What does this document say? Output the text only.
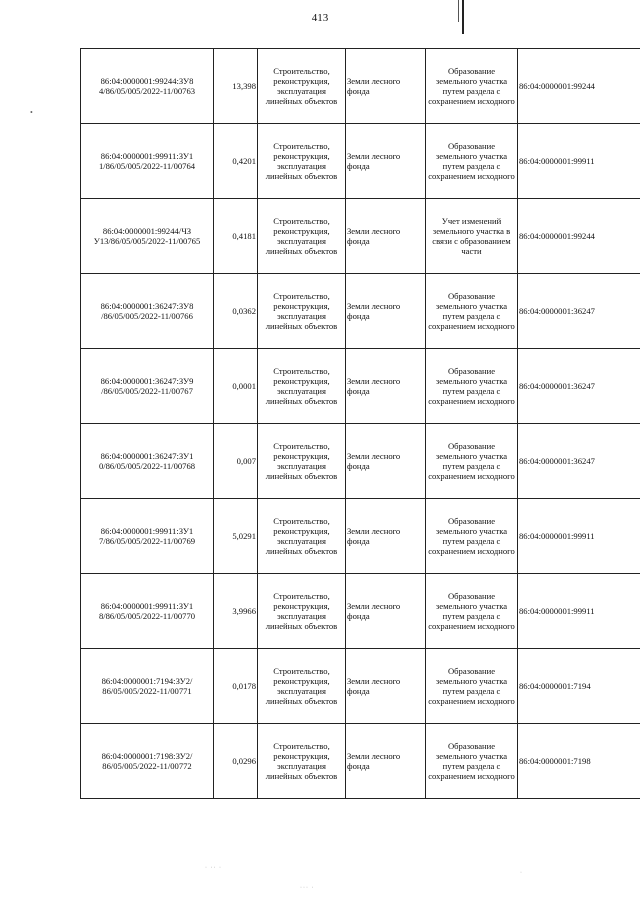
413
•
86:04:0000001:99244:ЗУ8 4/86/05/005/2022-11/00763	13,398	Строительство, реконструкция, эксплуатация линейных объектов	Земли лесного фонда	Образование земельного участка путем раздела с сохранением исходного	86:04:0000001:99244
86:04:0000001:99911:ЗУ1 1/86/05/005/2022-11/00764	0,4201	Строительство, реконструкция, эксплуатация линейных объектов	Земли лесного фонда	Образование земельного участка путем раздела с сохранением исходного	86:04:0000001:99911
86:04:0000001:99244/ЧЗ У13/86/05/005/2022-11/00765	0,4181	Строительство, реконструкция, эксплуатация линейных объектов	Земли лесного фонда	Учет изменений земельного участка в связи с образованием части	86:04:0000001:99244
86:04:0000001:36247:ЗУ8 /86/05/005/2022-11/00766	0,0362	Строительство, реконструкция, эксплуатация линейных объектов	Земли лесного фонда	Образование земельного участка путем раздела с сохранением исходного	86:04:0000001:36247
86:04:0000001:36247:ЗУ9 /86/05/005/2022-11/00767	0,0001	Строительство, реконструкция, эксплуатация линейных объектов	Земли лесного фонда	Образование земельного участка путем раздела с сохранением исходного	86:04:0000001:36247
86:04:0000001:36247:ЗУ1 0/86/05/005/2022-11/00768	0,007	Строительство, реконструкция, эксплуатация линейных объектов	Земли лесного фонда	Образование земельного участка путем раздела с сохранением исходного	86:04:0000001:36247
86:04:0000001:99911:ЗУ1 7/86/05/005/2022-11/00769	5,0291	Строительство, реконструкция, эксплуатация линейных объектов	Земли лесного фонда	Образование земельного участка путем раздела с сохранением исходного	86:04:0000001:99911
86:04:0000001:99911:ЗУ1 8/86/05/005/2022-11/00770	3,9966	Строительство, реконструкция, эксплуатация линейных объектов	Земли лесного фонда	Образование земельного участка путем раздела с сохранением исходного	86:04:0000001:99911
86:04:0000001:7194:ЗУ2/ 86/05/005/2022-11/00771	0,0178	Строительство, реконструкция, эксплуатация линейных объектов	Земли лесного фонда	Образование земельного участка путем раздела с сохранением исходного	86:04:0000001:7194
86:04:0000001:7198:ЗУ2/ 86/05/005/2022-11/00772	0,0296	Строительство, реконструкция, эксплуатация линейных объектов	Земли лесного фонда	Образование земельного участка путем раздела с сохранением исходного	86:04:0000001:7198
· ·· ·
··· ·
·
